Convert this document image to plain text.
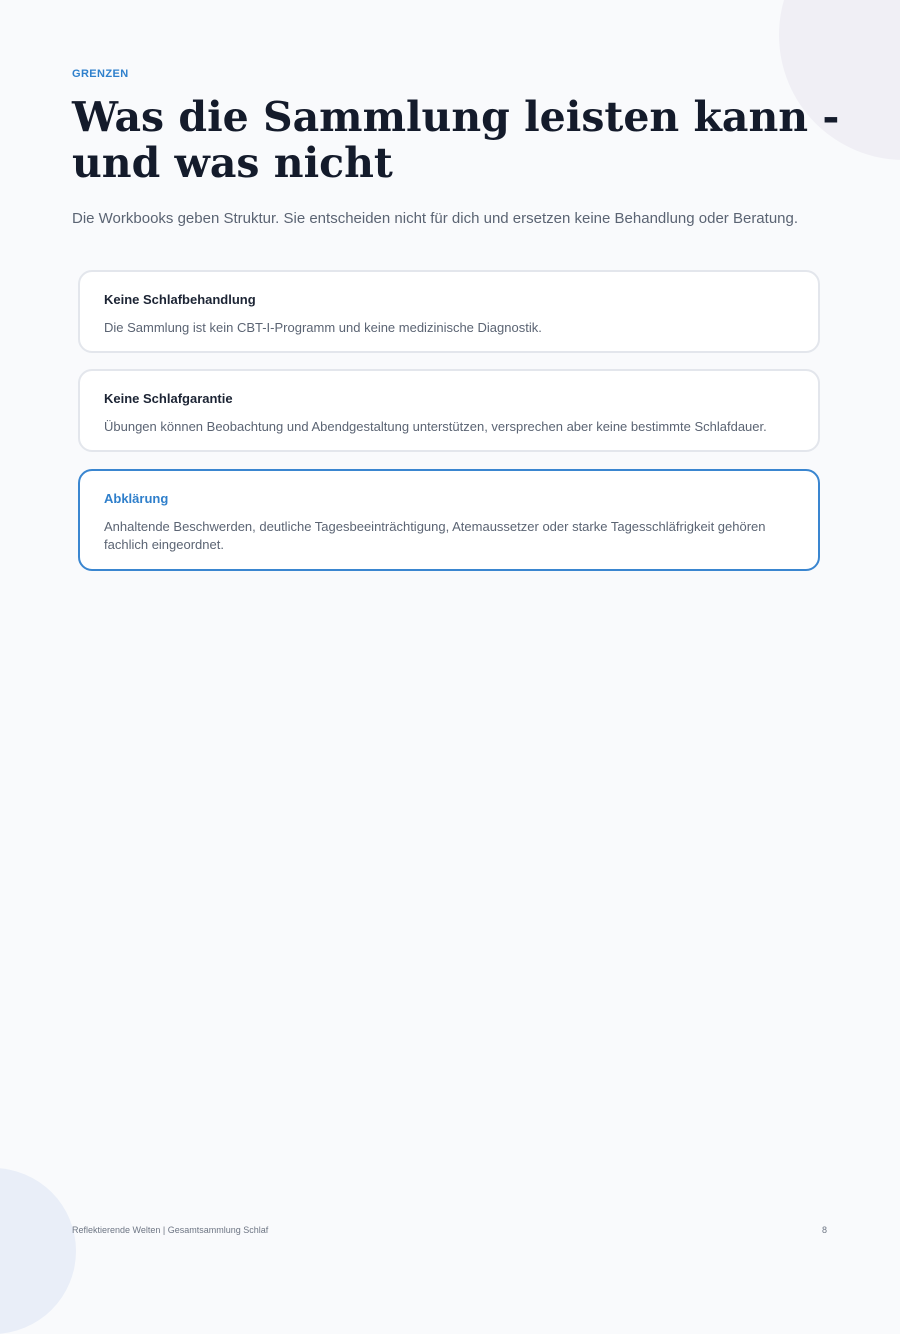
GRENZEN
Was die Sammlung leisten kann - und was nicht
Die Workbooks geben Struktur. Sie entscheiden nicht für dich und ersetzen keine Behandlung oder Beratung.
Keine Schlafbehandlung
Die Sammlung ist kein CBT-I-Programm und keine medizinische Diagnostik.
Keine Schlafgarantie
Übungen können Beobachtung und Abendgestaltung unterstützen, versprechen aber keine bestimmte Schlafdauer.
Abklärung
Anhaltende Beschwerden, deutliche Tagesbeeinträchtigung, Atemaussetzer oder starke Tagesschläfrigkeit gehören fachlich eingeordnet.
Reflektierende Welten | Gesamtsammlung Schlaf	8
